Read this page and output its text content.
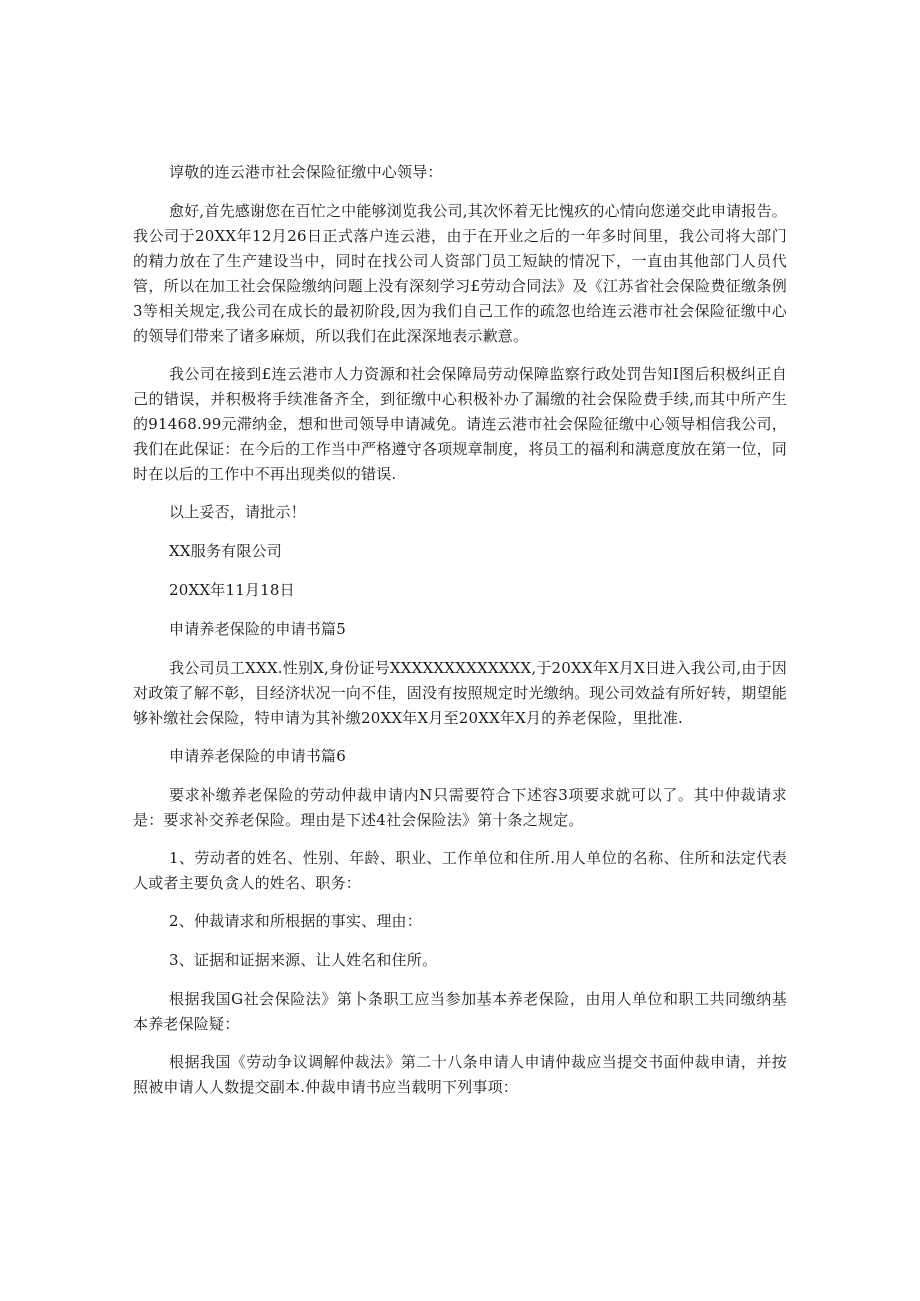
谆敬的连云港市社会保险征缴中心领导：

愈好,首先感谢您在百忙之中能够浏览我公司,其次怀着无比愧疚的心情向您递交此申请报告。我公司于20XX年12月26日正式落户连云港，由于在开业之后的一年多时间里，我公司将大部门的精力放在了生产建设当中，同时在找公司人资部门员工短缺的情况下，一直由其他部门人员代管，所以在加工社会保险缴纳问题上没有深刻学习£劳动合同法》及《江苏省社会保险费征缴条例3等相关规定,我公司在成长的最初阶段,因为我们自己工作的疏忽也给连云港市社会保险征缴中心的领导们带来了诸多麻烦，所以我们在此深深地表示歉意。

我公司在接到£连云港市人力资源和社会保障局劳动保障监察行政处罚告知I图后积极纠正自己的错误，并积极将手续准备齐全，到征缴中心积极补办了漏缴的社会保险费手续,而其中所产生的91468.99元滞纳金，想和世司领导申请减免。请连云港市社会保险征缴中心领导相信我公司，我们在此保证：在今后的工作当中严格遵守各项规章制度，将员工的福利和满意度放在第一位，同时在以后的工作中不再出现类似的错误.

以上妥否，请批示！

XX服务有限公司

20XX年11月18日

申请养老保险的申请书篇5

我公司员工XXX.性别X,身份证号XXXXXXXXXXXXX,于20XX年X月X日进入我公司,由于因对政策了解不彰，目经济状况一向不佳，固没有按照规定时光缴纳。现公司效益有所好转，期望能够补缴社会保险，特申请为其补缴20XX年X月至20XX年X月的养老保险，里批准.

申请养老保险的申请书篇6

要求补缴养老保险的劳动仲裁申请内N只需要符合下述容3项要求就可以了。其中仲裁请求是：要求补交养老保险。理由是下述4社会保险法》第十条之规定。

1、劳动者的姓名、性别、年龄、职业、工作单位和住所.用人单位的名称、住所和法定代表人或者主要负贪人的姓名、职务：

2、仲裁请求和所根据的事实、理由：

3、证据和证据来源、让人姓名和住所。

根据我国G社会保险法》第卜条职工应当参加基本养老保险，由用人单位和职工共同缴纳基本养老保险疑：

根据我国《劳动争议调解仲裁法》第二十八条申请人申请仲裁应当提交书面仲裁申请，并按照被申请人人数提交副本.仲裁申请书应当载明下列事项：
